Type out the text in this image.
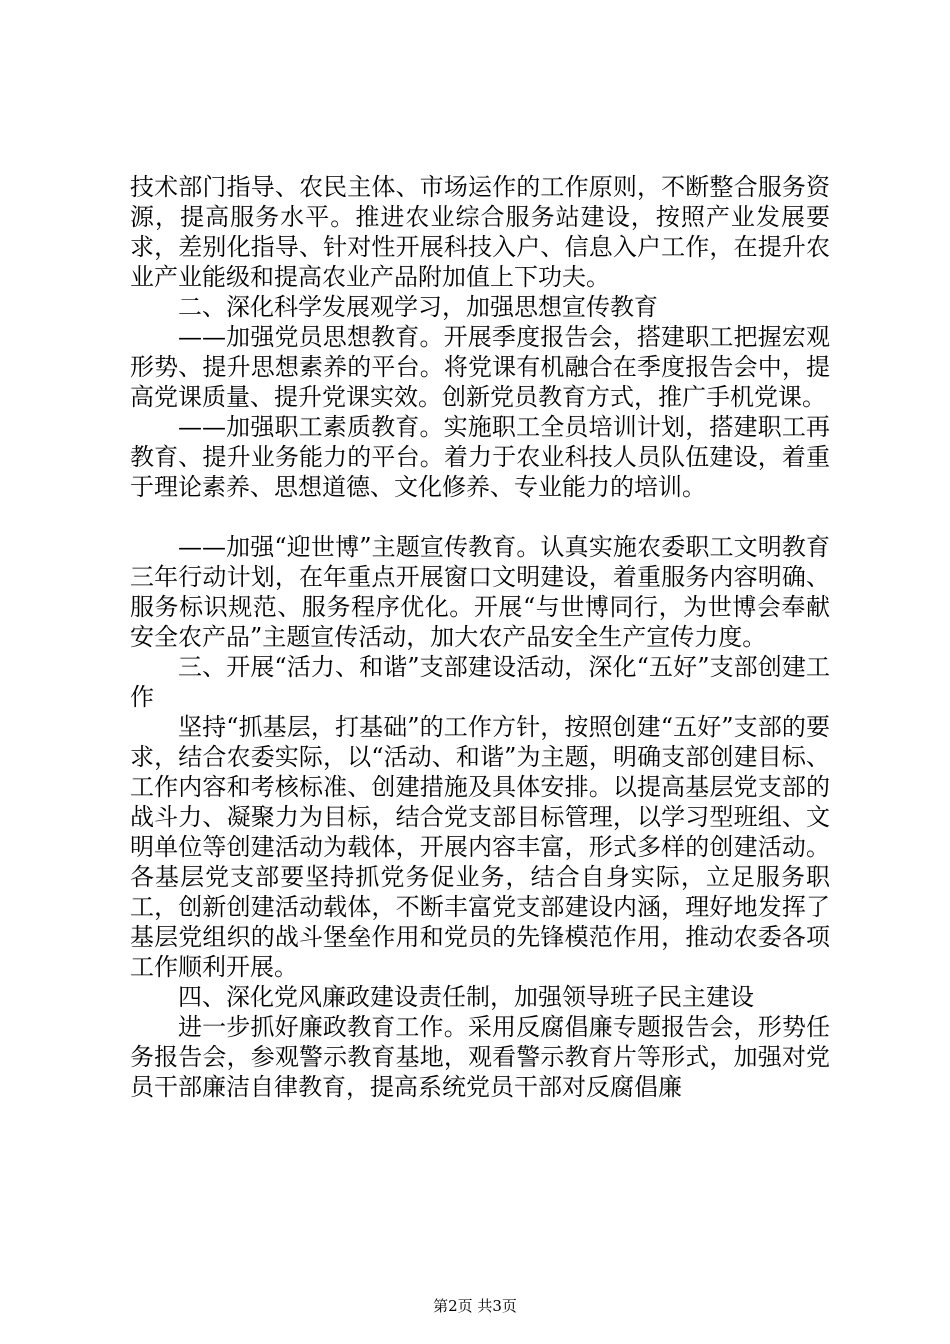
技术部门指导、农民主体、市场运作的工作原则，不断整合服务资源，提高服务水平。推进农业综合服务站建设，按照产业发展要求，差别化指导、针对性开展科技入户、信息入户工作，在提升农业产业能级和提高农业产品附加值上下功夫。

二、深化科学发展观学习，加强思想宣传教育

——加强党员思想教育。开展季度报告会，搭建职工把握宏观形势、提升思想素养的平台。将党课有机融合在季度报告会中，提高党课质量、提升党课实效。创新党员教育方式，推广手机党课。

——加强职工素质教育。实施职工全员培训计划，搭建职工再教育、提升业务能力的平台。着力于农业科技人员队伍建设，着重于理论素养、思想道德、文化修养、专业能力的培训。

——加强“迎世博”主题宣传教育。认真实施农委职工文明教育三年行动计划，在年重点开展窗口文明建设，着重服务内容明确、服务标识规范、服务程序优化。开展“与世博同行，为世博会奉献安全农产品”主题宣传活动，加大农产品安全生产宣传力度。

三、开展“活力、和谐”支部建设活动，深化“五好”支部创建工作

坚持“抓基层，打基础”的工作方针，按照创建“五好”支部的要求，结合农委实际，以“活动、和谐”为主题，明确支部创建目标、工作内容和考核标准、创建措施及具体安排。以提高基层党支部的战斗力、凝聚力为目标，结合党支部目标管理，以学习型班组、文明单位等创建活动为载体，开展内容丰富，形式多样的创建活动。各基层党支部要坚持抓党务促业务，结合自身实际，立足服务职工，创新创建活动载体，不断丰富党支部建设内涵，理好地发挥了基层党组织的战斗堡垒作用和党员的先锋模范作用，推动农委各项工作顺利开展。

四、深化党风廉政建设责任制，加强领导班子民主建设

进一步抓好廉政教育工作。采用反腐倡廉专题报告会，形势任务报告会，参观警示教育基地，观看警示教育片等形式，加强对党员干部廉洁自律教育，提高系统党员干部对反腐倡廉

第2页 共3页
